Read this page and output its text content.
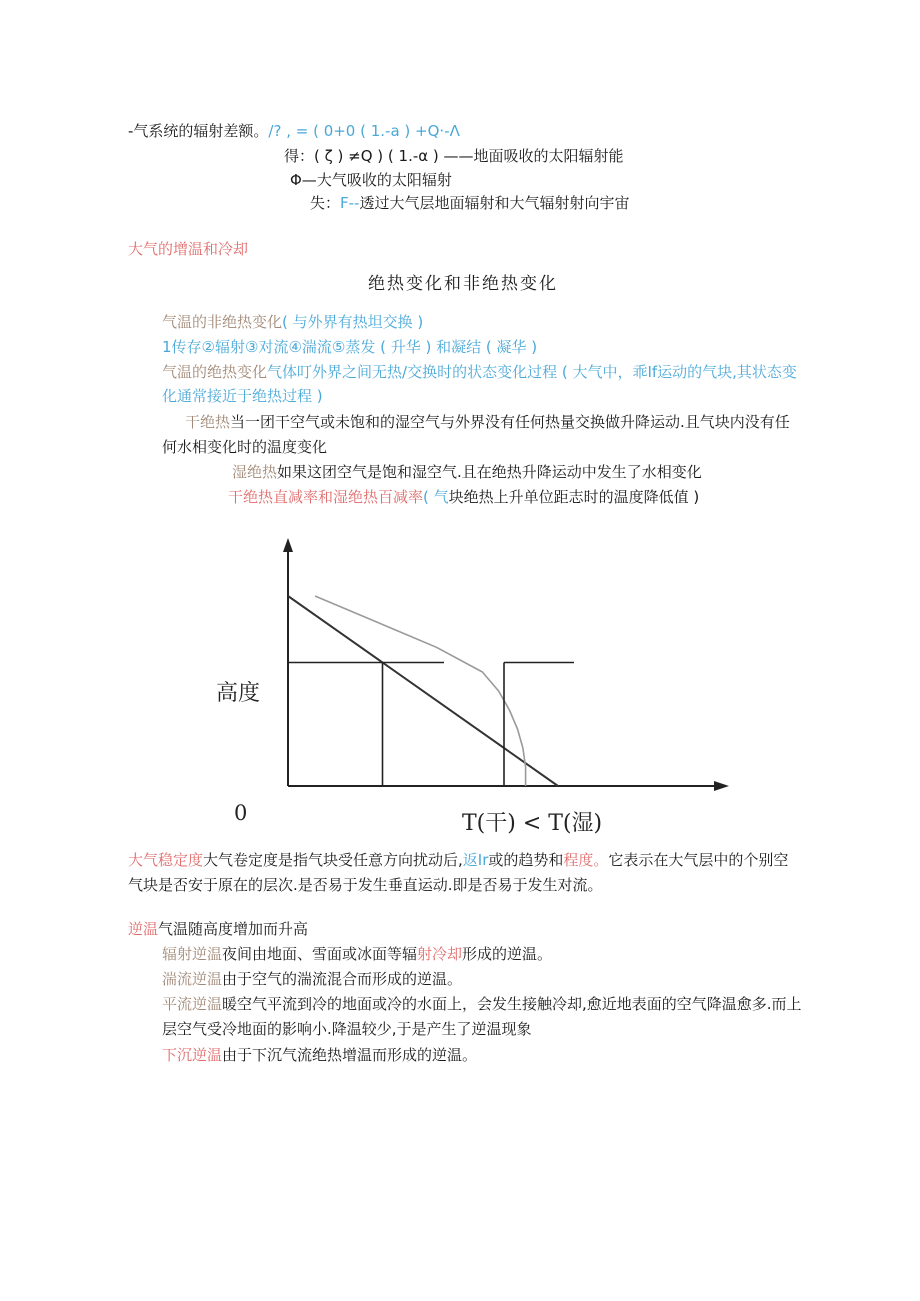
-气系统的辐射差额。/? , = ( 0+0 ( 1.-a ) +Q·-Λ
得：( ζ ) ≠Q ) ( 1.-α ) ——地面吸收的太阳辐射能
Φ—大气吸收的太阳辐射
失：F--透过大气层地面辐射和大气辐射射向宇宙
大气的增温和冷却
绝热变化和非绝热变化
气温的非绝热变化( 与外界有热坦交换 )
1传存②辐射③对流④湍流⑤蒸发 ( 升华 ) 和凝结 ( 凝华 )
气温的绝热变化气体叮外界之间无热/交换时的状态变化过程 ( 大气中，乖If运动的气块,其状态变
化通常接近于绝热过程 )
干绝热当一团干空气或未饱和的湿空气与外界没有任何热量交换做升降运动.且气块内没有任
何水相变化时的温度变化
湿绝热如果这团空气是饱和湿空气.且在绝热升降运动中发生了水相变化
干绝热直减率和湿绝热百减率( 气块绝热上升单位距志时的温度降低值 )
高度
0	T(干) < T(湿)
大气稳定度大气卷定度是指气块受任意方向扰动后,返Ir或的趋势和程度。它表示在大气层中的个别空
气块是否安于原在的层次.是否易于发生垂直运动.即是否易于发生对流。
逆温气温随高度增加而升高
辐射逆温夜间由地面、雪面或冰面等辐射冷却形成的逆温。
湍流逆温由于空气的湍流混合而形成的逆温。
平流逆温暖空气平流到冷的地面或冷的水面上，会发生接触冷却,愈近地表面的空气降温愈多.而上
层空气受冷地面的影响小.降温较少,于是产生了逆温现象
下沉逆温由于下沉气流绝热增温而形成的逆温。
